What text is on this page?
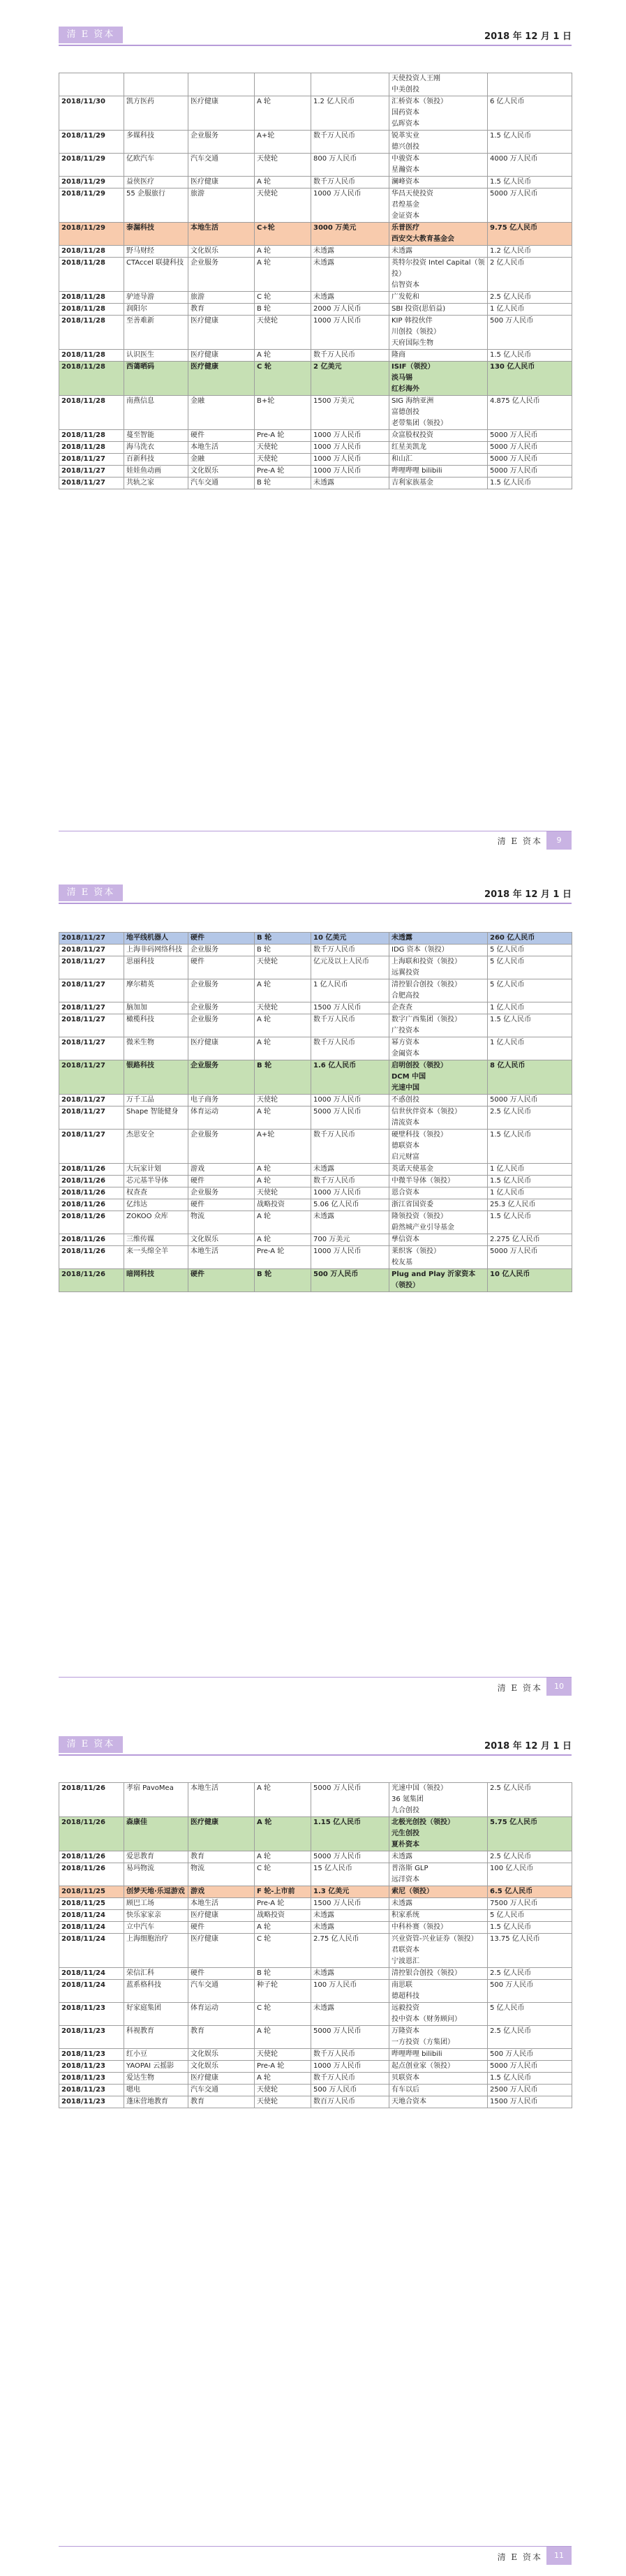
清 E 资本	2018 年 12 月 1 日
					天使投资人王刚
中美创投	
2018/11/30	凯方医药	医疗健康	A 轮	1.2 亿人民币	汇桥资本（领投）
国药资本
弘晖资本	6 亿人民币
2018/11/29	多媒科技	企业服务	A+轮	数千万人民币	锐革实业
德兴创投	1.5 亿人民币
2018/11/29	亿欧汽车	汽车交通	天使轮	800 万人民币	中骏资本
星瀚资本	4000 万人民币
2018/11/29	益侠医疗	医疗健康	A 轮	数千万人民币	澜峰资本	1.5 亿人民币
2018/11/29	55 企服旅行	旅游	天使轮	1000 万人民币	华昌天使投资
君煌基金
金证资本	5000 万人民币
2018/11/29	泰漏科技	本地生活	C+轮	3000 万美元	乐普医疗
西安交大教育基金会	9.75 亿人民币
2018/11/28	野马财经	文化娱乐	A 轮	未透露	未透露	1.2 亿人民币
2018/11/28	CTAccel 联捷科技	企业服务	A 轮	未透露	英特尔投资 Intel Capital（领投）
信智资本	2 亿人民币
2018/11/28	驴迹导游	旅游	C 轮	未透露	广发乾和	2.5 亿人民币
2018/11/28	润阳尔	教育	B 轮	2000 万人民币	SBI 投资(思佰益)	1 亿人民币
2018/11/28	至善难新	医疗健康	天使轮	1000 万人民币	KIP 韩投伙伴
川创投（领投）
天府国际生物	500 万人民币
2018/11/28	认识医生	医疗健康	A 轮	数千万人民币	隆商	1.5 亿人民币
2018/11/28	西蔼晒码	医疗健康	C 轮	2 亿美元	ISIF（领投）
淡马锡
红杉海外	130 亿人民币
2018/11/28	南燕信息	金融	B+轮	1500 万美元	SIG 海纳亚洲
富德创投
老带集团（领投）	4.875 亿人民币
2018/11/28	蔓至智能	硬件	Pre-A 轮	1000 万人民币	众富股权投资	5000 万人民币
2018/11/28	海马洗衣	本地生活	天使轮	1000 万人民币	红星美凯龙	5000 万人民币
2018/11/27	百新科技	金融	天使轮	1000 万人民币	和山汇	5000 万人民币
2018/11/27	娃娃鱼动画	文化娱乐	Pre-A 轮	1000 万人民币	哔哩哔哩 bilibili	5000 万人民币
2018/11/27	共轨之家	汽车交通	B 轮	未透露	吉利家族基金	1.5 亿人民币
清 E 资本	9
清 E 资本	2018 年 12 月 1 日
2018/11/27	地平线机器人	硬件	B 轮	10 亿美元	未透露	260 亿人民币
2018/11/27	上海非码网络科技	企业服务	B 轮	数千万人民币	IDG 资本（领投）	5 亿人民币
2018/11/27	思丽科技	硬件	天使轮	亿元及以上人民币	上海联和投资（领投）
远翼投资	5 亿人民币
2018/11/27	摩尔精英	企业服务	A 轮	1 亿人民币	清控银合创投（领投）
合肥高投	5 亿人民币
2018/11/27	脑加加	企业服务	天使轮	1500 万人民币	企查查	1 亿人民币
2018/11/27	橄榄科技	企业服务	A 轮	数千万人民币	数字广西集团（领投）
广投资本	1.5 亿人民币
2018/11/27	微米生物	医疗健康	A 轮	数千万人民币	幂方资本
金阖资本	1 亿人民币
2018/11/27	银路科技	企业服务	B 轮	1.6 亿人民币	启明创投（领投）
DCM 中国
光速中国	8 亿人民币
2018/11/27	万千工品	电子商务	天使轮	1000 万人民币	不惑创投	5000 万人民币
2018/11/27	Shape 智能健身	体育运动	A 轮	5000 万人民币	信世伙伴资本（领投）
清流资本	2.5 亿人民币
2018/11/27	杰思安全	企业服务	A+轮	数千万人民币	硬壁科技（领投）
德联资本
启元财富	1.5 亿人民币
2018/11/26	大玩家计划	游戏	A 轮	未透露	英诺天使基金	1 亿人民币
2018/11/26	芯元基半导体	硬件	A 轮	数千万人民币	中微半导体（领投）	1.5 亿人民币
2018/11/26	权查查	企业服务	天使轮	1000 万人民币	恩合资本	1 亿人民币
2018/11/26	亿纬达	硬件	战略投资	5.06 亿人民币	浙江省国资委	25.3 亿人民币
2018/11/26	ZOKOO 众库	物流	A 轮	未透露	隆领投资（领投）
蔚然城产业引导基金	1.5 亿人民币
2018/11/26	三维传媒	文化娱乐	A 轮	700 万美元	孳信资本	2.275 亿人民币
2018/11/26	来一头绵全羊	本地生活	Pre-A 轮	1000 万人民币	莱织客（领投）
校友基	5000 万人民币
2018/11/26	暗网科技	硬件	B 轮	500 万人民币	Plug and Play 沂家资本（领投）	10 亿人民币
清 E 资本	10
清 E 资本	2018 年 12 月 1 日
2018/11/26	孝宿 PavoMea	本地生活	A 轮	5000 万人民币	光速中国（领投）
36 氪集团
九合创投	2.5 亿人民币
2018/11/26	森康佳	医疗健康	A 轮	1.15 亿人民币	北极光创投（领投）
元生创投
夏朴资本	5.75 亿人民币
2018/11/26	爱思教育	教育	A 轮	5000 万人民币	未透露	2.5 亿人民币
2018/11/26	易玛物流	物流	C 轮	15 亿人民币	普洛斯 GLP
远洋资本	100 亿人民币
2018/11/25	创梦天地·乐逗游戏	游戏	F 轮-上市前	1.3 亿美元	索尼（领投）	6.5 亿人民币
2018/11/25	顾巴工场	本地生活	Pre-A 轮	1500 万人民币	未透露	7500 万人民币
2018/11/24	快乐家家亲	医疗健康	战略投资	未透露	积家系统	5 亿人民币
2018/11/24	立中汽车	硬件	A 轮	未透露	中科朴赛（领投）	1.5 亿人民币
2018/11/24	上海细胞治疗	医疗健康	C 轮	2.75 亿人民币	兴业资管-兴业证券（领投）
君联资本
宁波恩汇	13.75 亿人民币
2018/11/24	荣信汇科	硬件	B 轮	未透露	清控银合创投（领投）	2.5 亿人民币
2018/11/24	蓝系格科技	汽车交通	种子轮	100 万人民币	南思联
德超科技	500 万人民币
2018/11/23	好家庭集团	体育运动	C 轮	未透露	远毅投资
投中资本（财务顾问）	5 亿人民币
2018/11/23	科视教育	教育	A 轮	5000 万人民币	万隆资本
一方投资（方集团）	2.5 亿人民币
2018/11/23	红小豆	文化娱乐	天使轮	数千万人民币	哔哩哔哩 bilibili	500 万人民币
2018/11/23	YAOPAI 云摇影	文化娱乐	Pre-A 轮	1000 万人民币	起点创业家（领投）	5000 万人民币
2018/11/23	爱达生物	医疗健康	A 轮	数千万人民币	贝联资本	1.5 亿人民币
2018/11/23	嗯电	汽车交通	天使轮	500 万人民币	有车以后	2500 万人民币
2018/11/23	蓬床营地教育	教育	天使轮	数百万人民币	天地合资本	1500 万人民币
清 E 资本	11
